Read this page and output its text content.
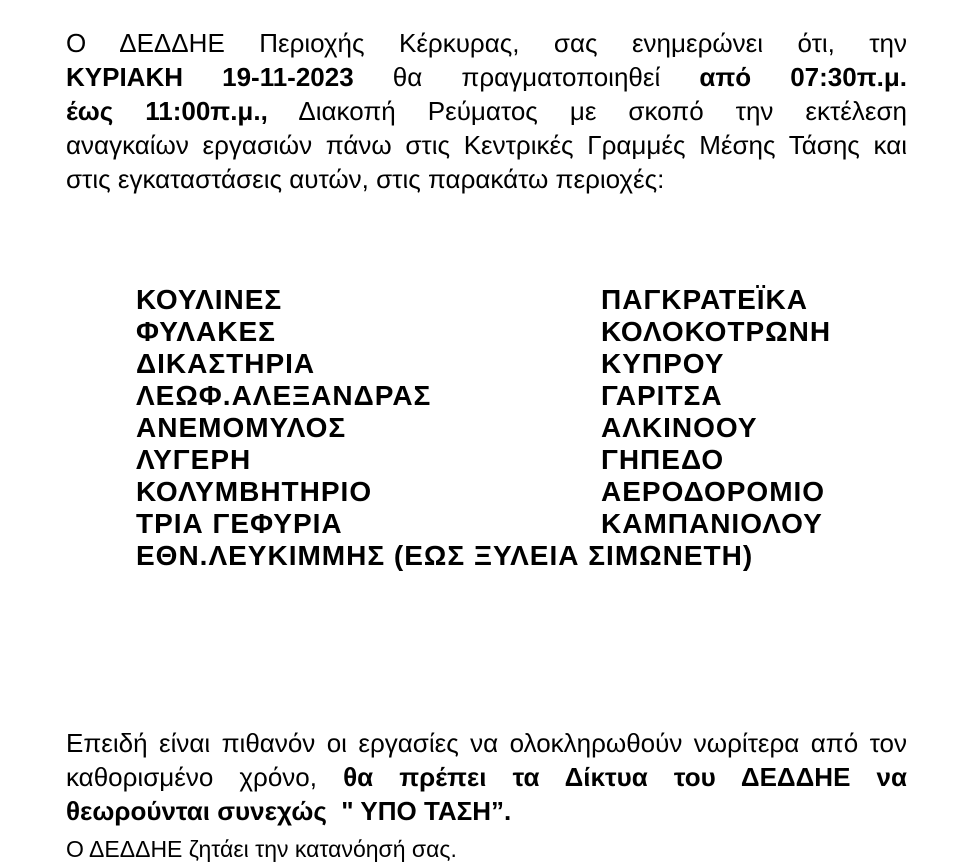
Ο ΔΕΔΔΗΕ Περιοχής Κέρκυρας, σας ενημερώνει ότι, την
ΚΥΡΙΑΚΗ 19-11-2023 θα πραγματοποιηθεί από 07:30π.μ.
έως 11:00π.μ., Διακοπή Ρεύματος με σκοπό την εκτέλεση
αναγκαίων εργασιών πάνω στις Κεντρικές Γραμμές Μέσης Τάσης και
στις εγκαταστάσεις αυτών, στις παρακάτω περιοχές:
ΚΟΥΛΙΝΕΣ	ΠΑΓΚΡΑΤΕΪΚΑ
ΦΥΛΑΚΕΣ	ΚΟΛΟΚΟΤΡΩΝΗ
ΔΙΚΑΣΤΗΡΙΑ	ΚΥΠΡΟΥ
ΛΕΩΦ.ΑΛΕΞΑΝΔΡΑΣ	ΓΑΡΙΤΣΑ
ΑΝΕΜΟΜΥΛΟΣ	ΑΛΚΙΝΟΟΥ
ΛΥΓΕΡΗ	ΓΗΠΕΔΟ
ΚΟΛΥΜΒΗΤΗΡΙΟ	ΑΕΡΟΔΟΡΟΜΙΟ
ΤΡΙΑ ΓΕΦΥΡΙΑ	ΚΑΜΠΑΝΙΟΛΟΥ
ΕΘΝ.ΛΕΥΚΙΜΜΗΣ (ΕΩΣ ΞΥΛΕΙΑ ΣΙΜΩΝΕΤΗ)
Επειδή είναι πιθανόν οι εργασίες να ολοκληρωθούν νωρίτερα από τον
καθορισμένο χρόνο, θα πρέπει τα Δίκτυα του ΔΕΔΔΗΕ να
θεωρούνται συνεχώς  " ΥΠΟ ΤΑΣΗ”.
Ο ΔΕΔΔΗΕ ζητάει την κατανόησή σας.
